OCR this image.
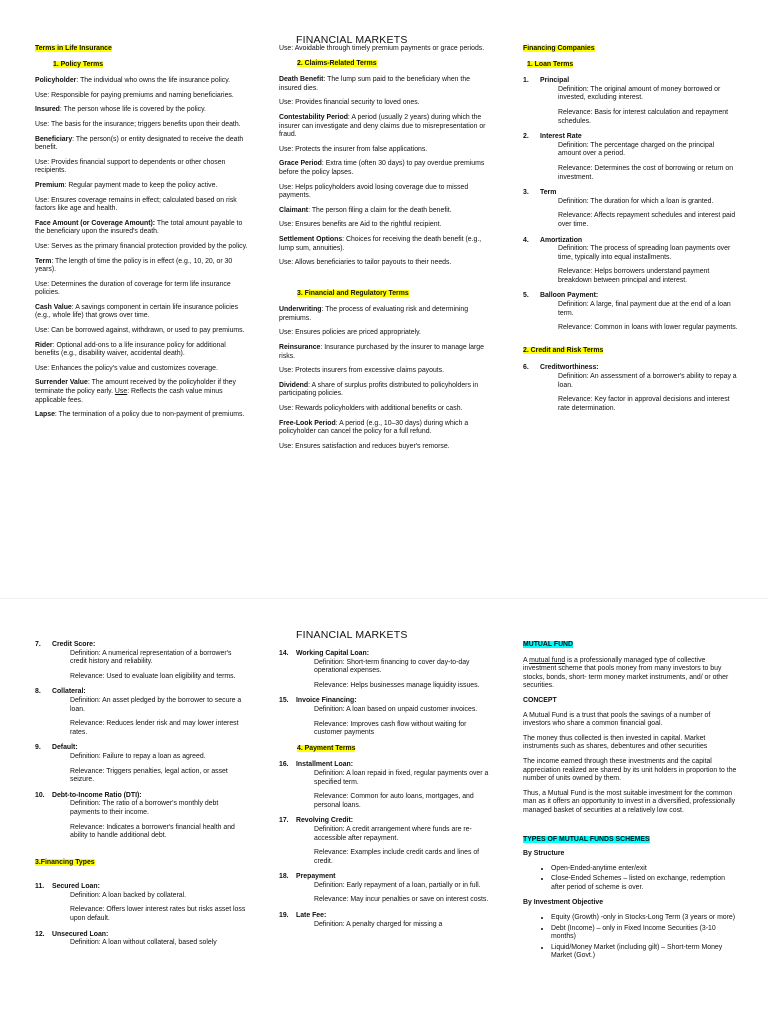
FINANCIAL MARKETS

Terms in Life Insurance

1. Policy Terms

Policyholder: The individual who owns the life insurance policy.

Use: Responsible for paying premiums and naming beneficiaries.

Insured: The person whose life is covered by the policy.

Use: The basis for the insurance; triggers benefits upon their death.

Beneficiary: The person(s) or entity designated to receive the death benefit.

Use: Provides financial support to dependents or other chosen recipients.

Premium: Regular payment made to keep the policy active.

Use: Ensures coverage remains in effect; calculated based on risk factors like age and health.

Face Amount (or Coverage Amount): The total amount payable to the beneficiary upon the insured's death.

Use: Serves as the primary financial protection provided by the policy.

Term: The length of time the policy is in effect (e.g., 10, 20, or 30 years).

Use: Determines the duration of coverage for term life insurance policies.

Cash Value: A savings component in certain life insurance policies (e.g., whole life) that grows over time.

Use: Can be borrowed against, withdrawn, or used to pay premiums.

Rider: Optional add-ons to a life insurance policy for additional benefits (e.g., disability waiver, accidental death).

Use: Enhances the policy's value and customizes coverage.

Surrender Value: The amount received by the policyholder if they terminate the policy early. Use: Reflects the cash value minus applicable fees.

Lapse: The termination of a policy due to non-payment of premiums.

Use: Avoidable through timely premium payments or grace periods.

2. Claims-Related Terms

Death Benefit: The lump sum paid to the beneficiary when the insured dies.

Use: Provides financial security to loved ones.

Contestability Period: A period (usually 2 years) during which the insurer can investigate and deny claims due to misrepresentation or fraud.

Use: Protects the insurer from false applications.

Grace Period: Extra time (often 30 days) to pay overdue premiums before the policy lapses.

Use: Helps policyholders avoid losing coverage due to missed payments.

Claimant: The person filing a claim for the death benefit.

Use: Ensures benefits are Aid to the rightful recipient.

Settlement Options: Choices for receiving the death benefit (e.g., lump sum, annuities).

Use: Allows beneficiaries to tailor payouts to their needs.

3. Financial and Regulatory Terms

Underwriting: The process of evaluating risk and determining premiums.

Use: Ensures policies are priced appropriately.

Reinsurance: Insurance purchased by the insurer to manage large risks.

Use: Protects insurers from excessive claims payouts.

Dividend: A share of surplus profits distributed to policyholders in participating policies.

Use: Rewards policyholders with additional benefits or cash.

Free-Look Period: A period (e.g., 10–30 days) during which a policyholder can cancel the policy for a full refund.

Use: Ensures satisfaction and reduces buyer's remorse.

Financing Companies

1. Loan Terms

1.	Principal
Definition: The original amount of money borrowed or invested, excluding interest.
Relevance: Basis for interest calculation and repayment schedules.
2.	Interest Rate
Definition: The percentage charged on the principal amount over a period.
Relevance: Determines the cost of borrowing or return on investment.
3.	Term
Definition: The duration for which a loan is granted.
Relevance: Affects repayment schedules and interest paid over time.
4.	Amortization
Definition: The process of spreading loan payments over time, typically into equal installments.
Relevance: Helps borrowers understand payment breakdown between principal and interest.
5.	Balloon Payment:
Definition: A large, final payment due at the end of a loan term.
Relevance: Common in loans with lower regular payments.

2. Credit and Risk Terms

6.	Creditworthiness:
Definition: An assessment of a borrower's ability to repay a loan.
Relevance: Key factor in approval decisions and interest rate determination.
FINANCIAL MARKETS
7.	Credit Score:
Definition: A numerical representation of a borrower's credit history and reliability.
Relevance: Used to evaluate loan eligibility and terms.
8.	Collateral:
Definition: An asset pledged by the borrower to secure a loan.
Relevance: Reduces lender risk and may lower interest rates.
9.	Default:
Definition: Failure to repay a loan as agreed.
Relevance: Triggers penalties, legal action, or asset seizure.
10.	Debt-to-Income Ratio (DTI):
Definition: The ratio of a borrower's monthly debt payments to their income.
Relevance: Indicates a borrower's financial health and ability to handle additional debt.

3.Financing Types

11.	Secured Loan:
Definition: A loan backed by collateral.
Relevance: Offers lower interest rates but risks asset loss upon default.
12.	Unsecured Loan:
Definition: A loan without collateral, based solely
14.	Working Capital Loan:
Definition: Short-term financing to cover day-to-day operational expenses.
Relevance: Helps businesses manage liquidity issues.
15.	Invoice Financing:
Definition: A loan based on unpaid customer invoices.
Relevance: Improves cash flow without waiting for customer payments

4. Payment Terms

16.	Installment Loan:
Definition: A loan repaid in fixed, regular payments over a specified term.
Relevance: Common for auto loans, mortgages, and personal loans.
17.	Revolving Credit:
Definition: A credit arrangement where funds are re-accessible after repayment.
Relevance: Examples include credit cards and lines of credit.
18.	Prepayment
Definition: Early repayment of a loan, partially or in full.
Relevance: May incur penalties or save on interest costs.
19.	Late Fee:
Definition: A penalty charged for missing a

MUTUAL FUND

A mutual fund is a professionally managed type of collective investment scheme that pools money from many investors to buy stocks, bonds, short- term money market instruments, and/ or other securities.

CONCEPT

A Mutual Fund is a trust that pools the savings of a number of investors who share a common financial goal.

The money thus collected is then invested in capital. Market instruments such as shares, debentures and other securities

The income earned through these investments and the capital appreciation realized are shared by its unit holders in proportion to the number of units owned by them.

Thus, a Mutual Fund is the most suitable investment for the common man as it offers an opportunity to invest in a diversified, professionally managed basket of securities at a relatively low cost.

TYPES OF MUTUAL FUNDS SCHEMES

By Structure

• Open-Ended-anytime enter/exit
• Close-Ended Schemes – listed on exchange, redemption after period of scheme is over.

By Investment Objective

• Equity (Growth) -only in Stocks-Long Term (3 years or more)
• Debt (Income) – only in Fixed Income Securities (3-10 months)
• Liquid/Money Market (including gilt) – Short-term Money Market (Govt.)
